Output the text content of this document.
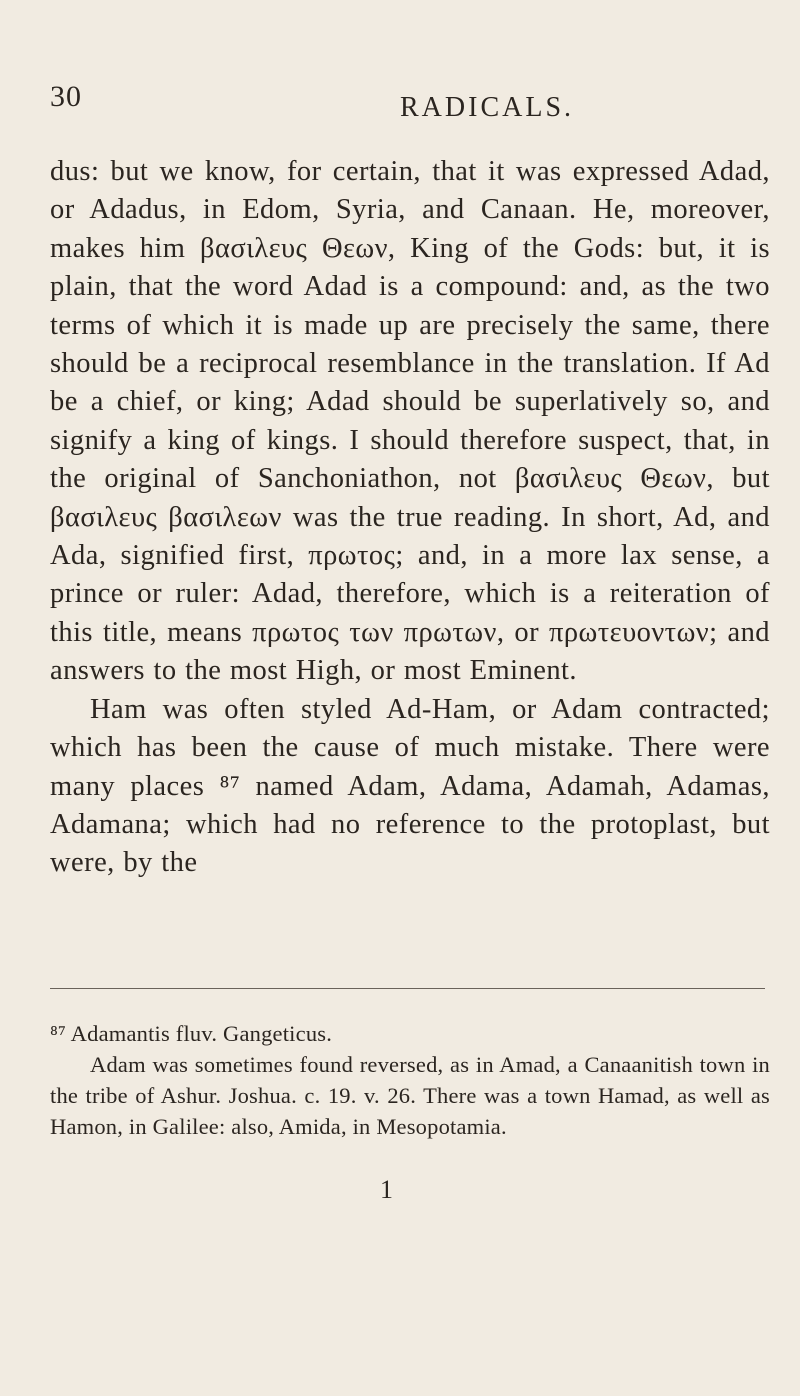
30	RADICALS.

dus: but we know, for certain, that it was expressed Adad, or Adadus, in Edom, Syria, and Canaan. He, moreover, makes him βασιλευς Θεων, King of the Gods: but, it is plain, that the word Adad is a compound: and, as the two terms of which it is made up are precisely the same, there should be a reciprocal resemblance in the translation. If Ad be a chief, or king; Adad should be superlatively so, and signify a king of kings. I should therefore suspect, that, in the original of Sanchoniathon, not βασιλευς Θεων, but βασιλευς βασιλεων was the true reading. In short, Ad, and Ada, signified first, πρωτος; and, in a more lax sense, a prince or ruler: Adad, therefore, which is a reiteration of this title, means πρωτος των πρωτων, or πρωτευοντων; and answers to the most High, or most Eminent.

Ham was often styled Ad-Ham, or Adam contracted; which has been the cause of much mistake. There were many places ⁸⁷ named Adam, Adama, Adamah, Adamas, Adamana; which had no reference to the protoplast, but were, by the

⁸⁷ Adamantis fluv. Gangeticus.

Adam was sometimes found reversed, as in Amad, a Canaanitish town in the tribe of Ashur. Joshua. c. 19. v. 26. There was a town Hamad, as well as Hamon, in Galilee: also, Amida, in Mesopotamia.

1
